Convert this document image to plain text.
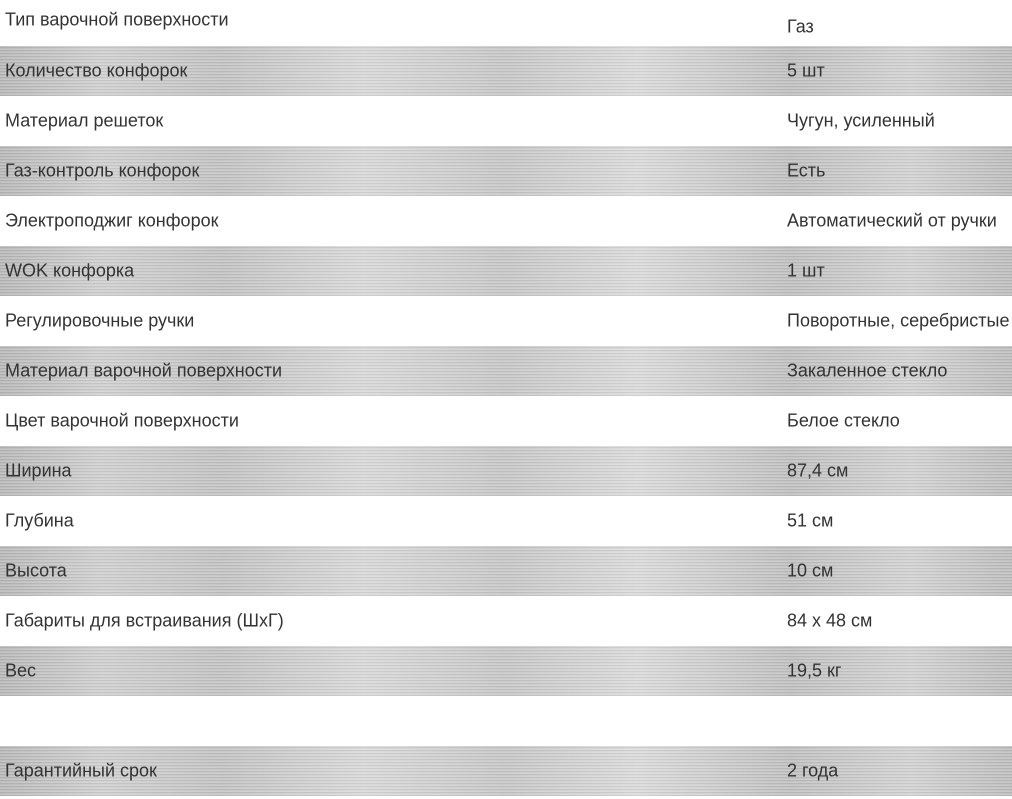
Тип варочной поверхности	Газ
Количество конфорок	5 шт
Материал решеток	Чугун, усиленный
Газ-контроль конфорок	Есть
Электроподжиг конфорок	Автоматический от ручки
WOK конфорка	1 шт
Регулировочные ручки	Поворотные, серебристые
Материал варочной поверхности	Закаленное стекло
Цвет варочной поверхности	Белое стекло
Ширина	87,4 см
Глубина	51 см
Высота	10 см
Габариты для встраивания (ШхГ)	84 х 48 см
Вес	19,5 кг
Гарантийный срок	2 года
